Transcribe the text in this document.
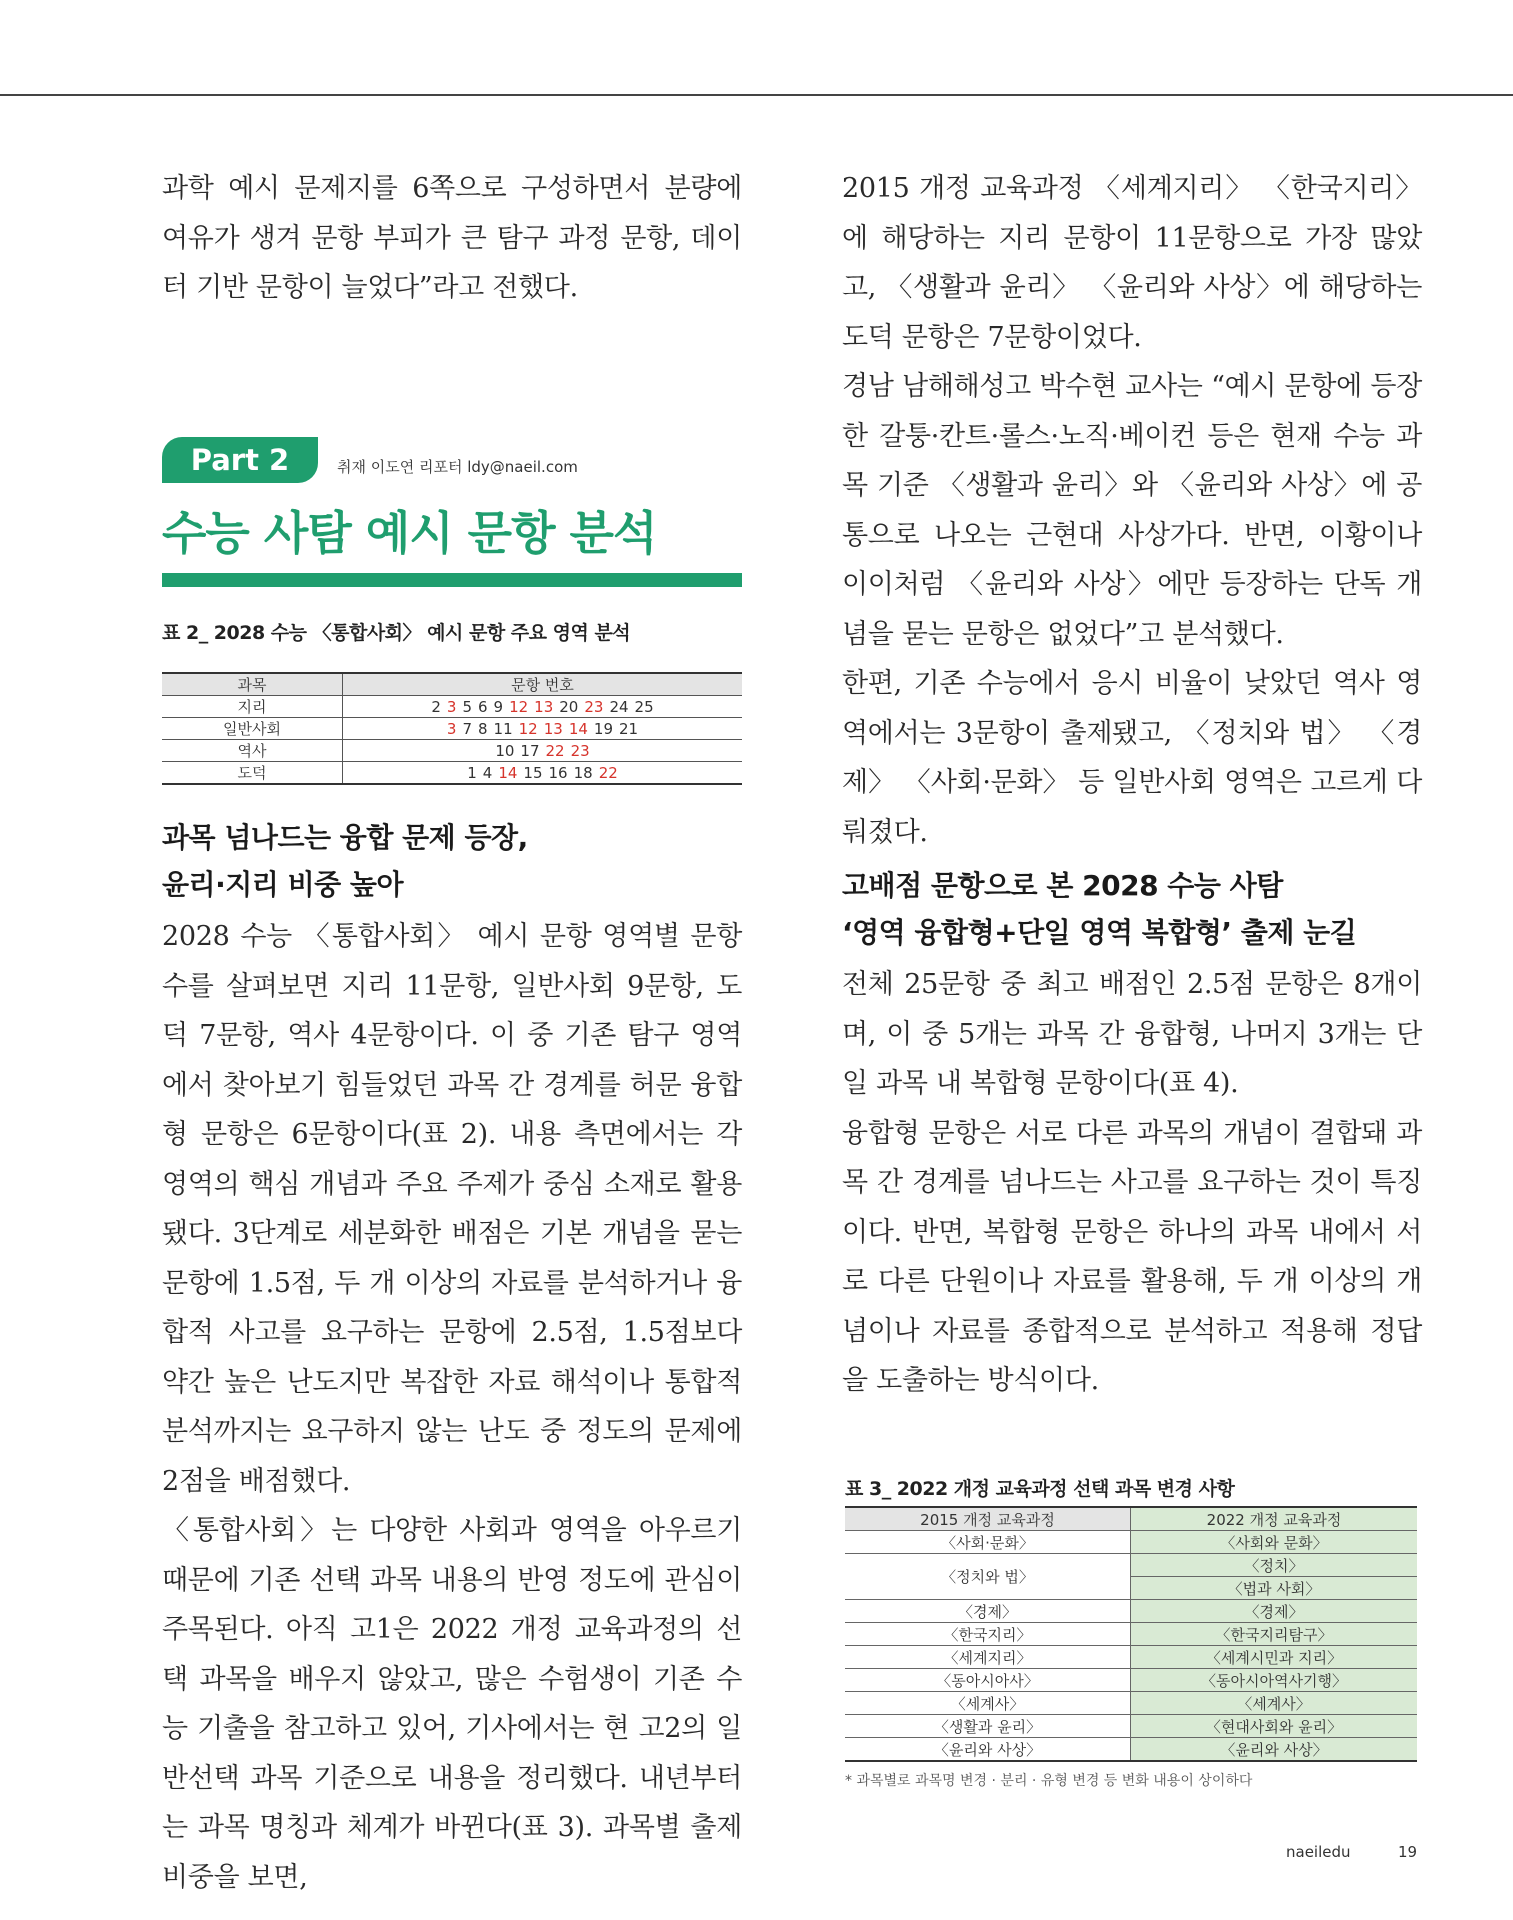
과학 예시 문제지를 6쪽으로 구성하면서 분량에 여유가 생겨 문항 부피가 큰 탐구 과정 문항, 데이터 기반 문항이 늘었다”라고 전했다.

Part 2	취재 이도연 리포터 ldy@naeil.com
수능 사탐 예시 문항 분석
표 2_ 2028 수능 〈통합사회〉 예시 문항 주요 영역 분석
과목	문항 번호
지리	2 3 5 6 9 12 13 20 23 24 25
일반사회	3 7 8 11 12 13 14 19 21
역사	10 17 22 23
도덕	1 4 14 15 16 18 22
과목 넘나드는 융합 문제 등장,
윤리·지리 비중 높아

2028 수능 〈통합사회〉 예시 문항 영역별 문항 수를 살펴보면 지리 11문항, 일반사회 9문항, 도덕 7문항, 역사 4문항이다. 이 중 기존 탐구 영역에서 찾아보기 힘들었던 과목 간 경계를 허문 융합형 문항은 6문항이다(표 2). 내용 측면에서는 각 영역의 핵심 개념과 주요 주제가 중심 소재로 활용됐다. 3단계로 세분화한 배점은 기본 개념을 묻는 문항에 1.5점, 두 개 이상의 자료를 분석하거나 융합적 사고를 요구하는 문항에 2.5점, 1.5점보다 약간 높은 난도지만 복잡한 자료 해석이나 통합적 분석까지는 요구하지 않는 난도 중 정도의 문제에 2점을 배점했다.

〈통합사회〉는 다양한 사회과 영역을 아우르기 때문에 기존 선택 과목 내용의 반영 정도에 관심이 주목된다. 아직 고1은 2022 개정 교육과정의 선택 과목을 배우지 않았고, 많은 수험생이 기존 수능 기출을 참고하고 있어, 기사에서는 현 고2의 일반선택 과목 기준으로 내용을 정리했다. 내년부터는 과목 명칭과 체계가 바뀐다(표 3). 과목별 출제 비중을 보면,

2015 개정 교육과정 〈세계지리〉 〈한국지리〉에 해당하는 지리 문항이 11문항으로 가장 많았고, 〈생활과 윤리〉 〈윤리와 사상〉에 해당하는 도덕 문항은 7문항이었다.

경남 남해해성고 박수현 교사는 “예시 문항에 등장한 갈퉁·칸트·롤스·노직·베이컨 등은 현재 수능 과목 기준 〈생활과 윤리〉와 〈윤리와 사상〉에 공통으로 나오는 근현대 사상가다. 반면, 이황이나 이이처럼 〈윤리와 사상〉에만 등장하는 단독 개념을 묻는 문항은 없었다”고 분석했다.

한편, 기존 수능에서 응시 비율이 낮았던 역사 영역에서는 3문항이 출제됐고, 〈정치와 법〉 〈경제〉 〈사회·문화〉 등 일반사회 영역은 고르게 다뤄졌다.

고배점 문항으로 본 2028 수능 사탐
‘영역 융합형+단일 영역 복합형’ 출제 눈길

전체 25문항 중 최고 배점인 2.5점 문항은 8개이며, 이 중 5개는 과목 간 융합형, 나머지 3개는 단일 과목 내 복합형 문항이다(표 4).

융합형 문항은 서로 다른 과목의 개념이 결합돼 과목 간 경계를 넘나드는 사고를 요구하는 것이 특징이다. 반면, 복합형 문항은 하나의 과목 내에서 서로 다른 단원이나 자료를 활용해, 두 개 이상의 개념이나 자료를 종합적으로 분석하고 적용해 정답을 도출하는 방식이다.

표 3_ 2022 개정 교육과정 선택 과목 변경 사항
2015 개정 교육과정	2022 개정 교육과정
〈사회·문화〉	〈사회와 문화〉
〈정치와 법〉	〈정치〉
	〈법과 사회〉
〈경제〉	〈경제〉
〈한국지리〉	〈한국지리탐구〉
〈세계지리〉	〈세계시민과 지리〉
〈동아시아사〉	〈동아시아역사기행〉
〈세계사〉	〈세계사〉
〈생활과 윤리〉	〈현대사회와 윤리〉
〈윤리와 사상〉	〈윤리와 사상〉
* 과목별로 과목명 변경 · 분리 · 유형 변경 등 변화 내용이 상이하다
naeiledu	19
